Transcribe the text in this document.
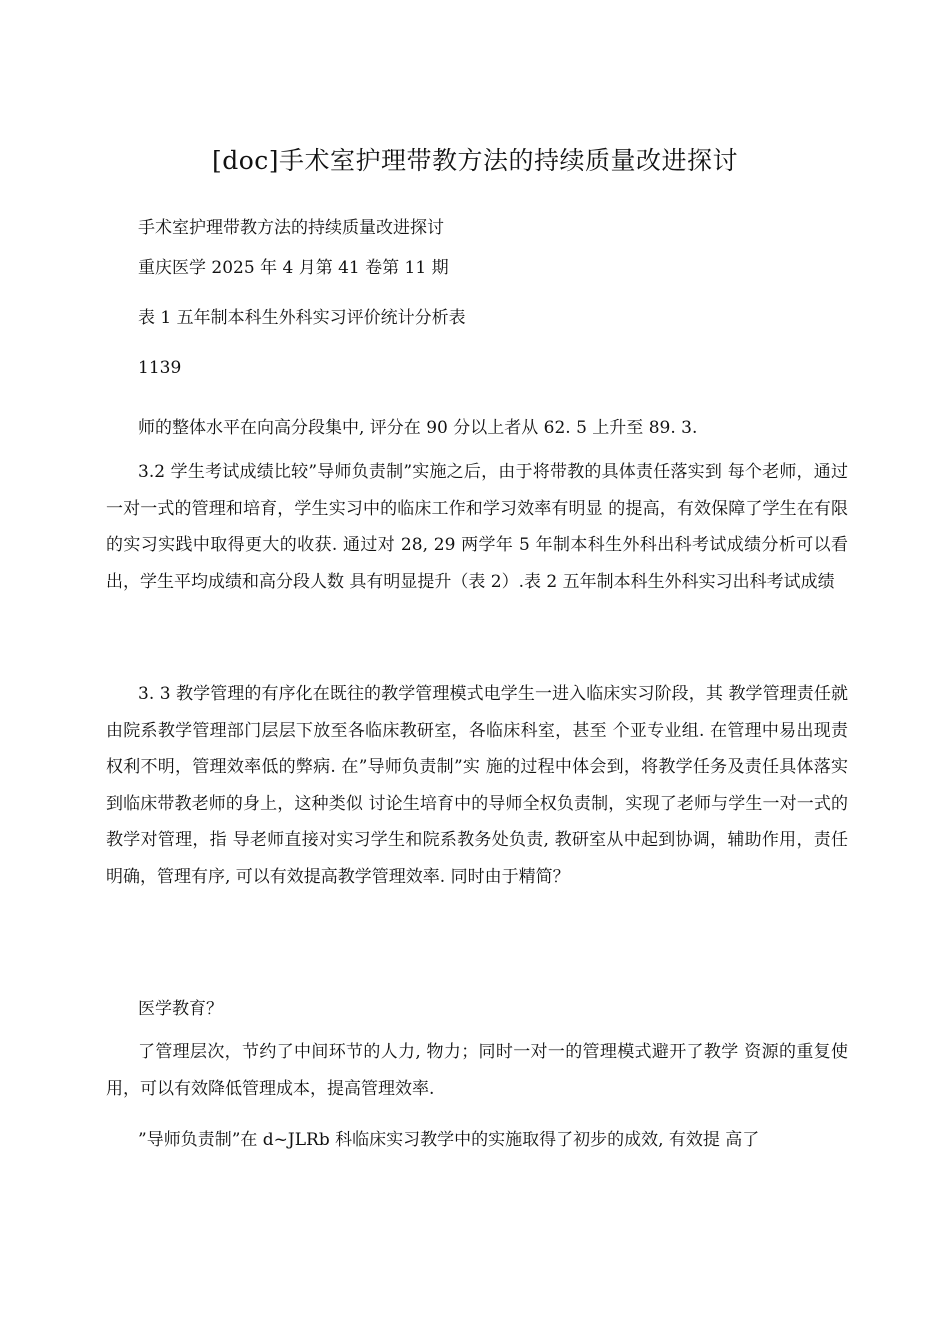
[doc]手术室护理带教方法的持续质量改进探讨
手术室护理带教方法的持续质量改进探讨
重庆医学 2025 年 4 月第 41 卷第 11 期
表 1 五年制本科生外科实习评价统计分析表
1139

师的整体水平在向高分段集中, 评分在 90 分以上者从 62. 5 上升至 89. 3.

3.2 学生考试成绩比较”导师负责制”实施之后，由于将带教的具体责任落实到 每个老师，通过一对一式的管理和培育，学生实习中的临床工作和学习效率有明显 的提高，有效保障了学生在有限的实习实践中取得更大的收获. 通过对 28, 29 两学年 5 年制本科生外科出科考试成绩分析可以看出，学生平均成绩和高分段人数 具有明显提升（表 2）.表 2 五年制本科生外科实习出科考试成绩

3. 3 教学管理的有序化在既往的教学管理模式电学生一进入临床实习阶段，其 教学管理责任就由院系教学管理部门层层下放至各临床教研室，各临床科室，甚至 个亚专业组. 在管理中易出现责权利不明，管理效率低的弊病. 在”导师负责制”实 施的过程中体会到，将教学任务及责任具体落实到临床带教老师的身上，这种类似 讨论生培育中的导师全权负责制，实现了老师与学生一对一式的教学对管理，指 导老师直接对实习学生和院系教务处负责, 教研室从中起到协调，辅助作用，责任 明确，管理有序, 可以有效提高教学管理效率. 同时由于精简？

医学教育？

了管理层次，节约了中间环节的人力, 物力；同时一对一的管理模式避开了教学 资源的重复使用，可以有效降低管理成本，提高管理效率.

”导师负责制”在 d~JLRb 科临床实习教学中的实施取得了初步的成效, 有效提 高了
